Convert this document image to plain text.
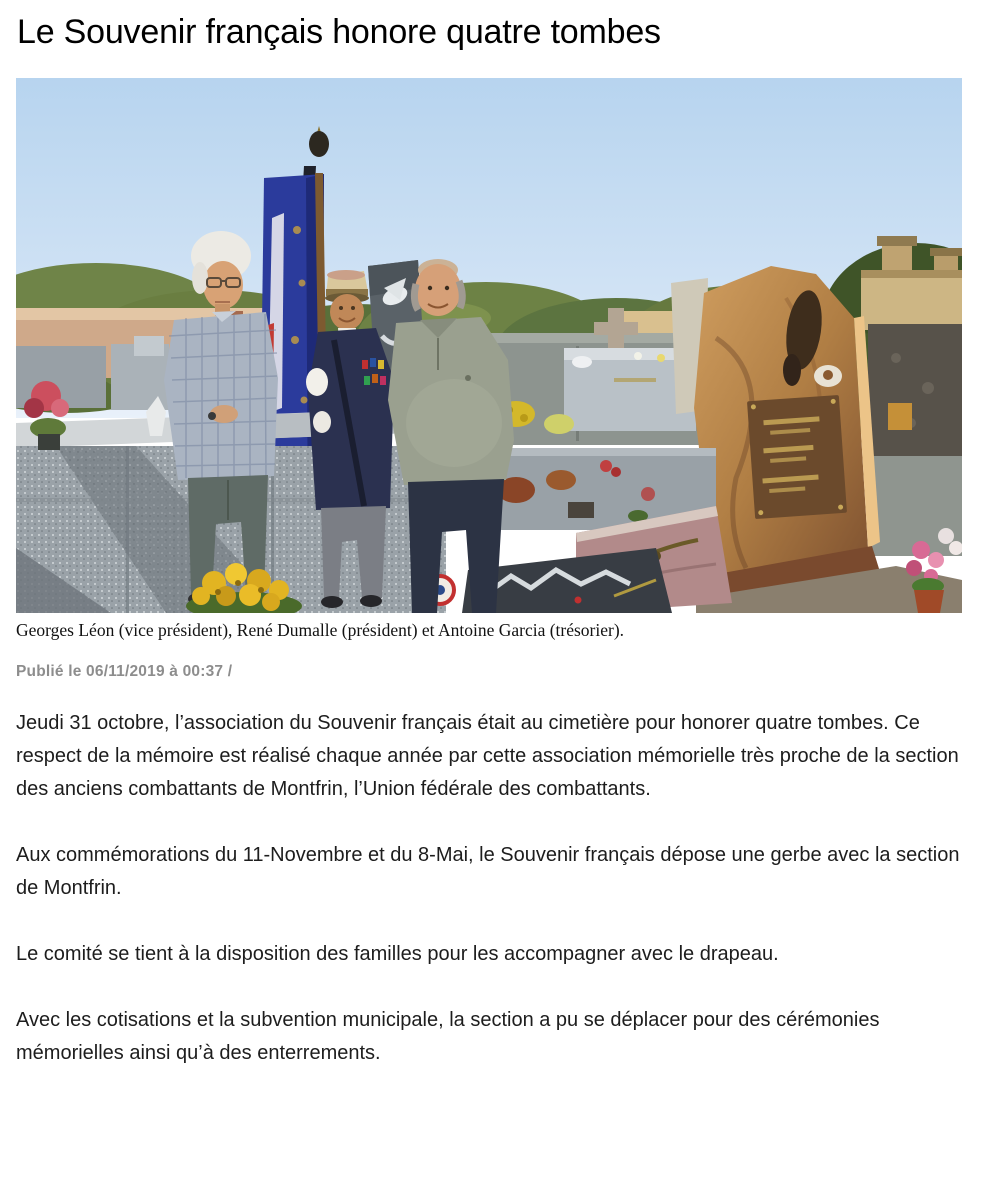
Le Souvenir français honore quatre tombes
Georges Léon (vice président), René Dumalle (président) et Antoine Garcia (trésorier).
Publié le 06/11/2019 à 00:37 /

Jeudi 31 octobre, l’association du Souvenir français était au cimetière pour honorer quatre tombes. Ce respect de la mémoire est réalisé chaque année par cette association mémorielle très proche de la section des anciens combattants de Montfrin, l’Union fédérale des combattants.

Aux commémorations du 11-Novembre et du 8-Mai, le Souvenir français dépose une gerbe avec la section de Montfrin.

Le comité se tient à la disposition des familles pour les accompagner avec le drapeau.

Avec les cotisations et la subvention municipale, la section a pu se déplacer pour des cérémonies mémorielles ainsi qu’à des enterrements.
